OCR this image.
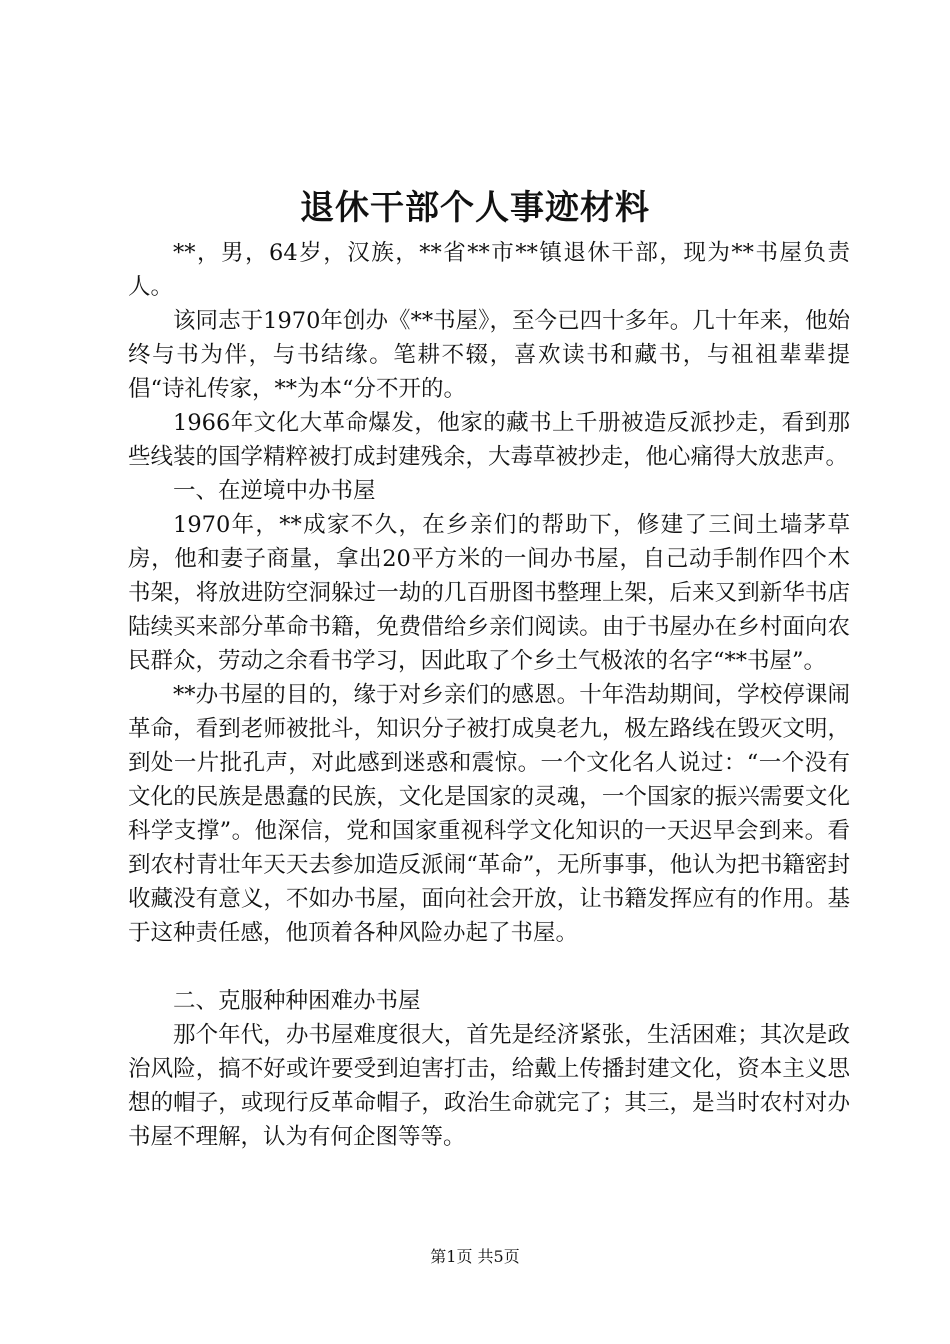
退休干部个人事迹材料

**，男，64岁，汉族，**省**市**镇退休干部，现为**书屋负责人。

该同志于1970年创办《**书屋》，至今已四十多年。几十年来，他始终与书为伴，与书结缘。笔耕不辍，喜欢读书和藏书，与祖祖辈辈提倡“诗礼传家，**为本“分不开的。

1966年文化大革命爆发，他家的藏书上千册被造反派抄走，看到那些线装的国学精粹被打成封建残余，大毒草被抄走，他心痛得大放悲声。

一、在逆境中办书屋

1970年，**成家不久，在乡亲们的帮助下，修建了三间土墙茅草房，他和妻子商量，拿出20平方米的一间办书屋，自己动手制作四个木书架，将放进防空洞躲过一劫的几百册图书整理上架，后来又到新华书店陆续买来部分革命书籍，免费借给乡亲们阅读。由于书屋办在乡村面向农民群众，劳动之余看书学习，因此取了个乡土气极浓的名字“**书屋”。

**办书屋的目的，缘于对乡亲们的感恩。十年浩劫期间，学校停课闹革命，看到老师被批斗，知识分子被打成臭老九，极左路线在毁灭文明，到处一片批孔声，对此感到迷惑和震惊。一个文化名人说过：“一个没有文化的民族是愚蠢的民族，文化是国家的灵魂，一个国家的振兴需要文化科学支撑”。他深信，党和国家重视科学文化知识的一天迟早会到来。看到农村青壮年天天去参加造反派闹“革命”，无所事事，他认为把书籍密封收藏没有意义，不如办书屋，面向社会开放，让书籍发挥应有的作用。基于这种责任感，他顶着各种风险办起了书屋。

二、克服种种困难办书屋

那个年代，办书屋难度很大，首先是经济紧张，生活困难；其次是政治风险，搞不好或许要受到迫害打击，给戴上传播封建文化，资本主义思想的帽子，或现行反革命帽子，政治生命就完了；其三，是当时农村对办书屋不理解，认为有何企图等等。

第1页 共5页
